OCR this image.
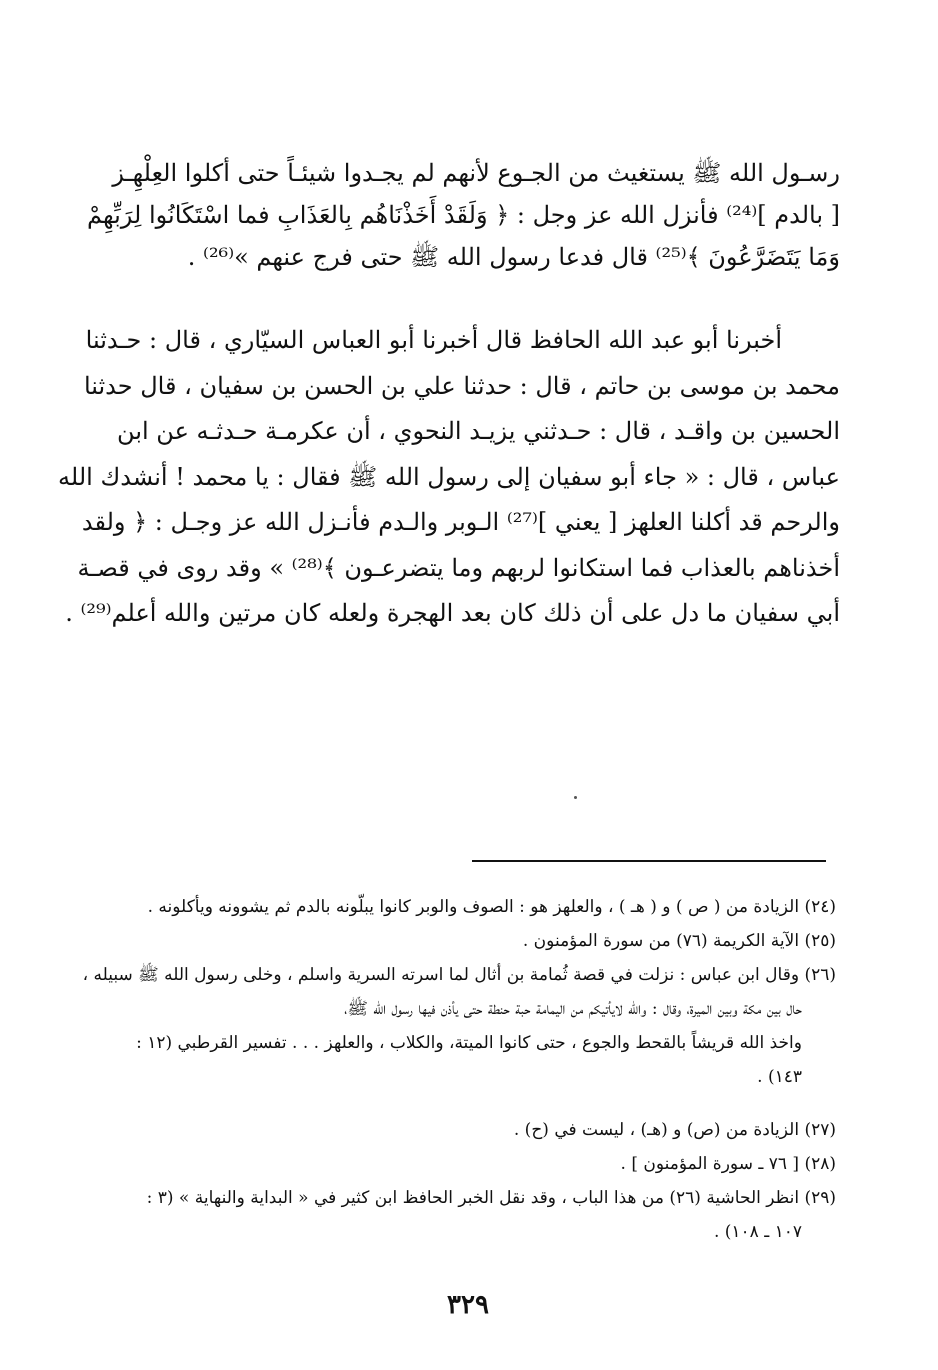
رسـول الله ﷺ يستغيث من الجـوع لأنهم لم يجـدوا شيئـاً حتى أكلوا العِلْهِـز
[ بالدم ]⁽²⁴⁾ فأنزل الله عز وجل : ﴿ وَلَقَدْ أَخَذْنَاهُم بِالعَذَابِ فما اسْتَكَانُوا لِرَبِّهِمْ
وَمَا يَتَضَرَّعُونَ ﴾⁽²⁵⁾ قال فدعا رسول الله ﷺ حتى فرج عنهم »⁽²⁶⁾ .
أخبرنا أبو عبد الله الحافظ قال أخبرنا أبو العباس السيّاري ، قال : حـدثنا
محمد بن موسى بن حاتم ، قال : حدثنا علي بن الحسن بن سفيان ، قال حدثنا
الحسين بن واقـد ، قال : حـدثني يزيـد النحوي ، أن عكرمـة حـدثـه عن ابن
عباس ، قال : « جاء أبو سفيان إلى رسول الله ﷺ فقال : يا محمد ! أنشدك الله
والرحم قد أكلنا العلهز [ يعني ]⁽²⁷⁾ الـوبر والـدم فأنـزل الله عز وجـل : ﴿ ولقد
أخذناهم بالعذاب فما استكانوا لربهم وما يتضرعـون ﴾⁽²⁸⁾ » وقد روى في قصـة
أبي سفيان ما دل على أن ذلك كان بعد الهجرة ولعله كان مرتين والله أعلم⁽²⁹⁾ .
(٢٤) الزيادة من ( ص ) و ( هـ ) ، والعلهز هو : الصوف والوبر كانوا يبلّونه بالدم ثم يشوونه ويأكلونه .
(٢٥) الآية الكريمة (٧٦) من سورة المؤمنون .
(٢٦) وقال ابن عباس : نزلت في قصة ثُمامة بن أثال لما اسرته السرية واسلم ، وخلى رسول الله ﷺ سبيله ،
حال بين مكة وبين الميرة، وقال : والله لايأتيكم من اليمامة حبة حنطة حتى يأذن فيها رسول الله ﷺ،
واخذ الله قريشاً بالقحط والجوع ، حتى كانوا الميتة، والكلاب ، والعلهز . . . تفسير القرطبي (١٢ :
١٤٣) .
(٢٧) الزيادة من (ص) و (هـ) ، ليست في (ح) .
(٢٨) [ ٧٦ ـ سورة المؤمنون ] .
(٢٩) انظر الحاشية (٢٦) من هذا الباب ، وقد نقل الخبر الحافظ ابن كثير في « البداية والنهاية » (٣ :
١٠٧ ـ ١٠٨) .
٣٢٩
